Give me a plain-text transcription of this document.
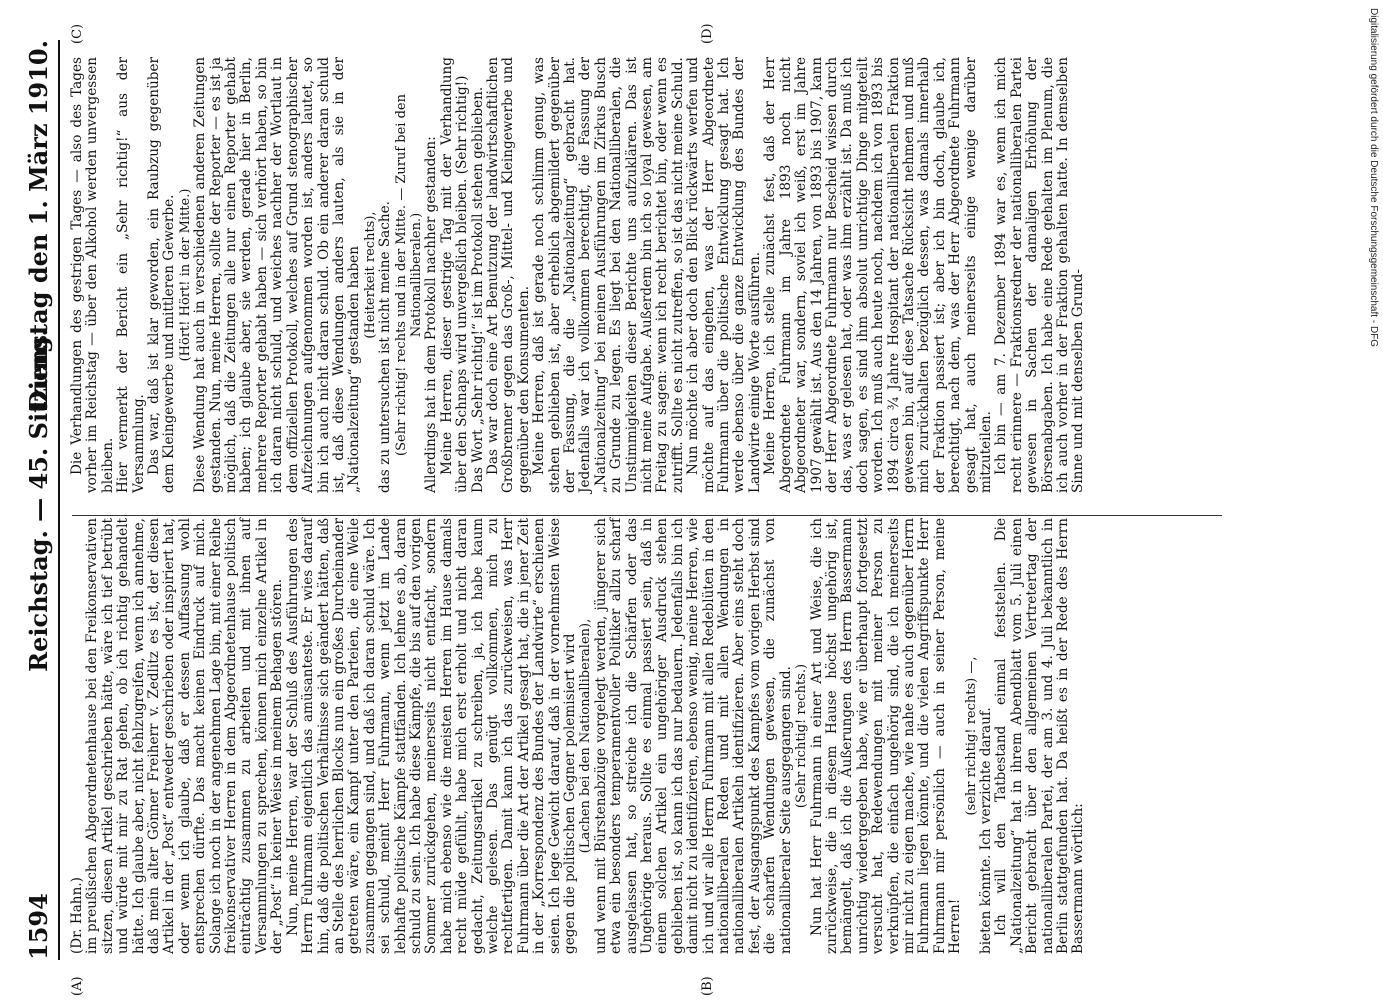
1594
Reichstag. — 45. Sitzung.
Dienstag den 1. März 1910.
(A)	(B)
(C)	(D)

(Dr. Hahn.) im preußischen Abgeordnetenhause bei den Freikonservativen sitzen, diesen Artikel geschrieben hätte, wäre ich tief betrübt und würde mit mir zu Rat gehen, ob ich richtig gehandelt hätte. Ich glaube aber, nicht fehlzugreifen, wenn ich annehme, daß mein alter Gönner Freiherr v. Zedlitz es ist, der diesen Artikel in der „Post“ entweder geschrieben oder inspiriert hat, oder wenn ich glaube, daß er dessen Auffassung wohl entsprechen dürfte. Das macht keinen Eindruck auf mich. Solange ich noch in der angenehmen Lage bin, mit einer Reihe freikonservativer Herren in dem Abgeordnetenhause politisch einträchtig zusammen zu arbeiten und mit ihnen auf Versammlungen zu sprechen, können mich einzelne Artikel in der „Post“ in keiner Weise in meinem Behagen stören. Nun, meine Herren, war der Schluß des Ausführungen des Herrn Fuhrmann eigentlich das amüsanteste. Er wies darauf hin, daß die politischen Verhältnisse sich geändert hätten, daß an Stelle des herrlichen Blocks nun ein großes Durcheinander getreten wäre, ein Kampf unter den Parteien, die eine Weile zusammen gegangen sind, und daß ich daran schuld wäre. Ich sei schuld, meint Herr Fuhrmann, wenn jetzt im Lande lebhafte politische Kämpfe stattfänden. Ich lehne es ab, daran schuld zu sein. Ich habe diese Kämpfe, die bis auf den vorigen Sommer zurückgehen, meinerseits nicht entfacht, sondern habe mich ebenso wie die meisten Herren im Hause damals recht müde gefühlt, habe mich erst erholt und nicht daran gedacht, Zeitungsartikel zu schreiben, ja, ich habe kaum welche gelesen. Das genügt vollkommen, mich zu rechtfertigen. Damit kann ich das zurückweisen, was Herr Fuhrmann über die Art der Artikel gesagt hat, die in jener Zeit in der „Korrespondenz des Bundes der Landwirte“ erschienen seien. Ich lege Gewicht darauf, daß in der vornehmsten Weise gegen die politischen Gegner polemisiert wird (Lachen bei den Nationalliberalen), und wenn mit Bürstenabzüge vorgelegt werden, jüngerer sich etwa ein besonders temperamentvoller Politiker allzu scharf ausgelassen hat, so streiche ich die Schärfen oder das Ungehörige heraus. Sollte es einmal passiert sein, daß in einem solchen Artikel ein ungehöriger Ausdruck stehen geblieben ist, so kann ich das nur bedauern. Jedenfalls bin ich damit nicht zu identifizieren, ebenso wenig, meine Herren, wie ich und wir alle Herrn Fuhrmann mit allen Redeblüten in den nationalliberalen Reden und mit allen Wendungen in nationalliberalen Artikeln identifizieren. Aber eins steht doch fest, der Ausgangspunkt des Kampfes vom vorigen Herbst sind die scharfen Wendungen gewesen, die zunächst von nationalliberaler Seite ausgegangen sind. (Sehr richtig! rechts.) Nun hat Herr Fuhrmann in einer Art und Weise, die ich zurückweise, die in diesem Hause höchst ungehörig ist, bemängelt, daß ich die Äußerungen des Herrn Bassermann unrichtig wiedergegeben habe, wie er überhaupt fortgesetzt versucht hat, Redewendungen mit meiner Person zu verknüpfen, die einfach ungehörig sind, die ich meinerseits mir nicht zu eigen mache, wie nahe es auch gegenüber Herrn Fuhrmann liegen könnte, und die vielen Angriffspunkte Herr Fuhrmann mir persönlich — auch in seiner Person, meine Herren!

(sehr richtig! rechts) —, bieten könnte. Ich verzichte darauf. Ich will den Tatbestand einmal feststellen. Die „Nationalzeitung“ hat in ihrem Abendblatt vom 5. Juli einen Bericht gebracht über den allgemeinen Vertretertag der nationalliberalen Partei, der am 3. und 4. Juli bekanntlich in Berlin stattgefunden hat. Da heißt es in der Rede des Herrn Bassermann wörtlich:

Die Verhandlungen des gestrigen Tages — also des Tages vorher im Reichstag — über den Alkohol werden unvergessen bleiben. Hier vermerkt der Bericht ein „Sehr richtig!“ aus der Versammlung. Das war, daß ist klar geworden, ein Raubzug gegenüber dem Kleingewerbe und mittleren Gewerbe. (Hört! Hört! in der Mitte.) Diese Wendung hat auch in verschiedenen anderen Zeitungen gestanden. Nun, meine Herren, sollte der Reporter — es ist ja möglich, daß die Zeitungen alle nur einen Reporter gehabt haben; ich glaube aber, sie werden, gerade hier in Berlin, mehrere Reporter gehabt haben — sich verhört haben, so bin ich daran nicht schuld, und weiches nachher der Wortlaut in dem offiziellen Protokoll, welches auf Grund stenographischer Aufzeichnungen aufgenommen worden ist, anders lautet, so bin ich auch nicht daran schuld. Ob ein anderer daran schuld ist, daß diese Wendungen anders lauten, als sie in der „Nationalzeitung“ gestanden haben (Heiterkeit rechts), das zu untersuchen ist nicht meine Sache. (Sehr richtig! rechts und in der Mitte. — Zuruf bei den Nationalliberalen.) Allerdings hat in dem Protokoll nachher gestanden: Meine Herren, dieser gestrige Tag mit der Verhandlung über den Schnaps wird unvergeßlich bleiben. (Sehr richtig!) Das Wort „Sehr richtig!“ ist im Protokoll stehen geblieben. Das war doch eine Art Benutzung der landwirtschaftlichen Großbrenner gegen das Groß-, Mittel- und Kleingewerbe und gegenüber den Konsumenten. Meine Herren, daß ist gerade noch schlimm genug, was stehen geblieben ist, aber erheblich abgemildert gegenüber der Fassung, die die „Nationalzeitung“ gebracht hat. Jedenfalls war ich vollkommen berechtigt, die Fassung der „Nationalzeitung“ bei meinen Ausführungen im Zirkus Busch zu Grunde zu legen. Es liegt bei den Nationalliberalen, die Unstimmigkeiten dieser Berichte uns aufzuklären. Das ist nicht meine Aufgabe. Außerdem bin ich so loyal gewesen, am Freitag zu sagen: wenn ich recht berichtet bin, oder wenn es zutrifft. Sollte es nicht zutreffen, so ist das nicht meine Schuld. Nun möchte ich aber doch den Blick rückwärts werfen und möchte auf das eingehen, was der Herr Abgeordnete Fuhrmann über die politische Entwicklung gesagt hat. Ich werde ebenso über die ganze Entwicklung des Bundes der Landwirte einige Worte ausführen. Meine Herren, ich stelle zunächst fest, daß der Herr Abgeordnete Fuhrmann im Jahre 1893 noch nicht Abgeordneter war, sondern, soviel ich weiß, erst im Jahre 1907 gewählt ist. Aus den 14 Jahren, von 1893 bis 1907, kann der Herr Abgeordnete Fuhrmann nur Bescheid wissen durch das, was er gelesen hat, oder was ihm erzählt ist. Da muß ich doch sagen, es sind ihm absolut unrichtige Dinge mitgeteilt worden. Ich muß auch heute noch, nachdem ich von 1893 bis 1894 circa ¾ Jahre Hospitant der nationalliberalen Fraktion gewesen bin, auf diese Tatsache Rücksicht nehmen und muß mich zurückhalten bezüglich dessen, was damals innerhalb der Fraktion passiert ist; aber ich bin doch, glaube ich, berechtigt, nach dem, was der Herr Abgeordnete Fuhrmann gesagt hat, auch meinerseits einige wenige darüber mitzuteilen. Ich bin — am 7. Dezember 1894 war es, wenn ich mich recht erinnere — Fraktionsredner der nationalliberalen Partei gewesen in Sachen der damaligen Erhöhung der Börsenabgaben. Ich habe eine Rede gehalten im Plenum, die ich auch vorher in der Fraktion gehalten hatte. In demselben Sinne und mit denselben Grund-

Digitalisierung gefördert durch die Deutsche Forschungsgemeinschaft - DFG
